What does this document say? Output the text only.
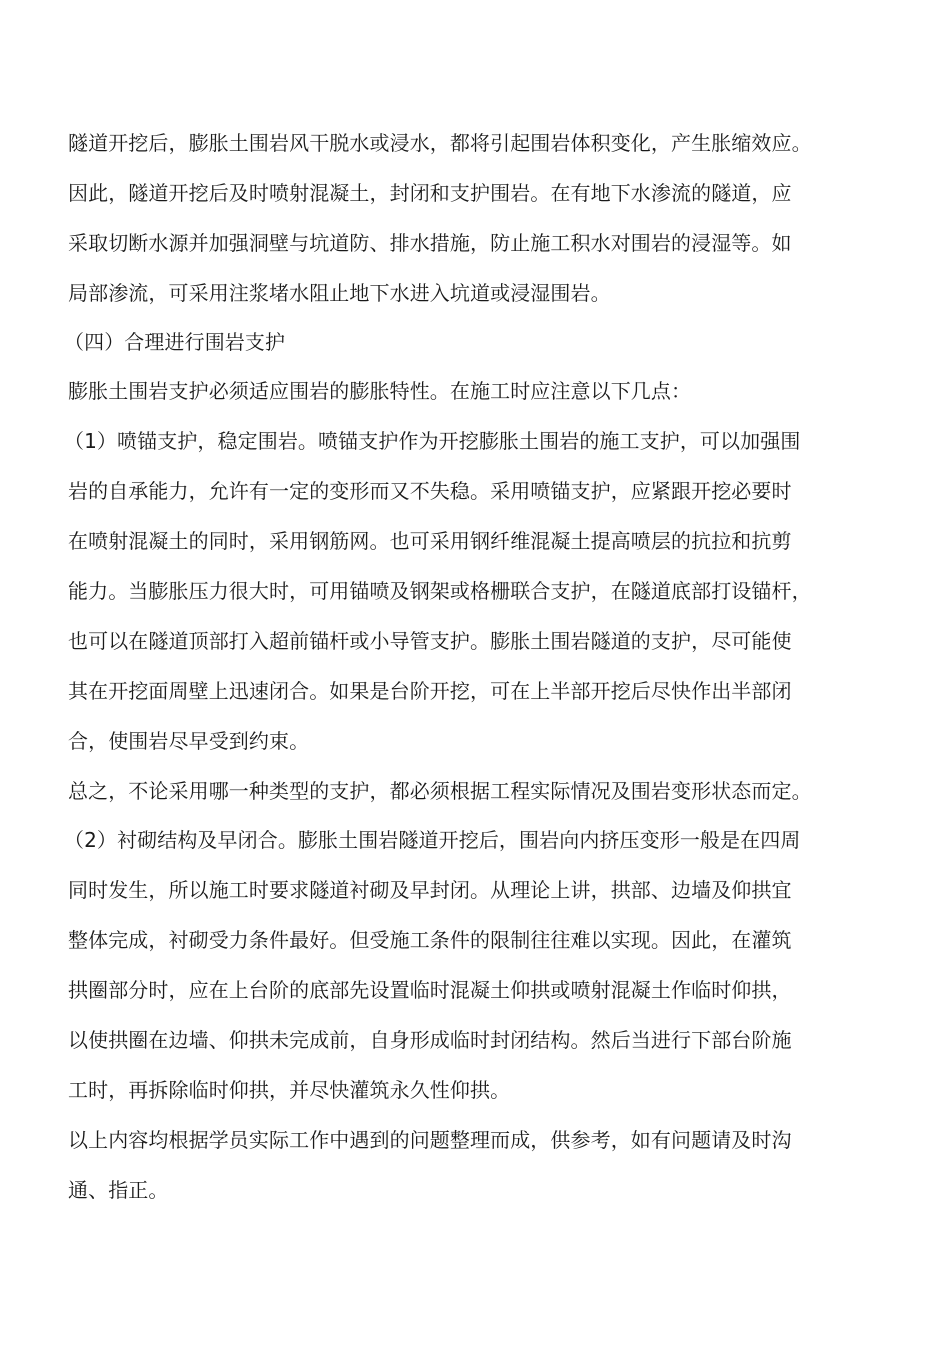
隧道开挖后，膨胀土围岩风干脱水或浸水，都将引起围岩体积变化，产生胀缩效应。
因此，隧道开挖后及时喷射混凝土，封闭和支护围岩。在有地下水渗流的隧道，应
采取切断水源并加强洞壁与坑道防、排水措施，防止施工积水对围岩的浸湿等。如
局部渗流，可采用注浆堵水阻止地下水进入坑道或浸湿围岩。
（四）合理进行围岩支护
膨胀土围岩支护必须适应围岩的膨胀特性。在施工时应注意以下几点：
（1）喷锚支护，稳定围岩。喷锚支护作为开挖膨胀土围岩的施工支护，可以加强围
岩的自承能力，允许有一定的变形而又不失稳。采用喷锚支护，应紧跟开挖必要时
在喷射混凝土的同时，采用钢筋网。也可采用钢纤维混凝土提高喷层的抗拉和抗剪
能力。当膨胀压力很大时，可用锚喷及钢架或格栅联合支护，在隧道底部打设锚杆，
也可以在隧道顶部打入超前锚杆或小导管支护。膨胀土围岩隧道的支护，尽可能使
其在开挖面周壁上迅速闭合。如果是台阶开挖，可在上半部开挖后尽快作出半部闭
合，使围岩尽早受到约束。
总之，不论采用哪一种类型的支护，都必须根据工程实际情况及围岩变形状态而定。
（2）衬砌结构及早闭合。膨胀土围岩隧道开挖后，围岩向内挤压变形一般是在四周
同时发生，所以施工时要求隧道衬砌及早封闭。从理论上讲，拱部、边墙及仰拱宜
整体完成，衬砌受力条件最好。但受施工条件的限制往往难以实现。因此，在灌筑
拱圈部分时，应在上台阶的底部先设置临时混凝土仰拱或喷射混凝土作临时仰拱，
以使拱圈在边墙、仰拱未完成前，自身形成临时封闭结构。然后当进行下部台阶施
工时，再拆除临时仰拱，并尽快灌筑永久性仰拱。
以上内容均根据学员实际工作中遇到的问题整理而成，供参考，如有问题请及时沟
通、指正。
